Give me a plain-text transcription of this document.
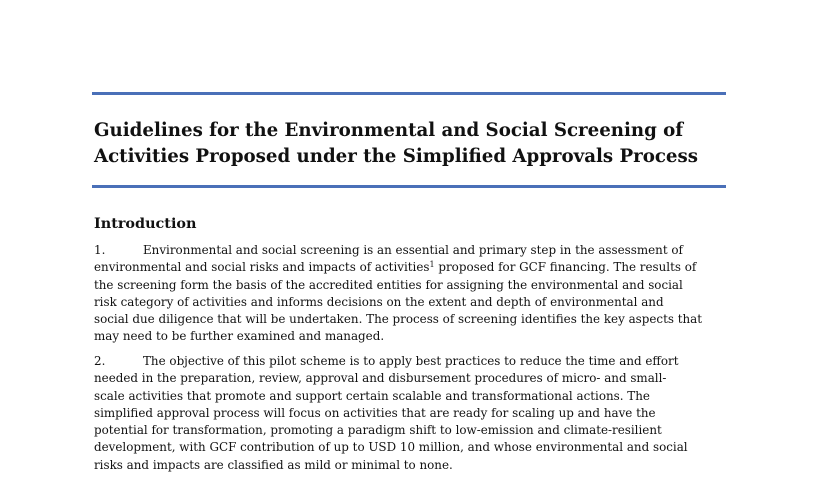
Guidelines for the Environmental and Social Screening of
Activities Proposed under the Simplified Approvals Process
Introduction
1.	Environmental and social screening is an essential and primary step in the assessment of
environmental and social risks and impacts of activities$^1$ proposed for GCF financing. The results of
the screening form the basis of the accredited entities for assigning the environmental and social
risk category of activities and informs decisions on the extent and depth of environmental and
social due diligence that will be undertaken. The process of screening identifies the key aspects that
may need to be further examined and managed.
2.	The objective of this pilot scheme is to apply best practices to reduce the time and effort
needed in the preparation, review, approval and disbursement procedures of micro- and small-
scale activities that promote and support certain scalable and transformational actions. The
simplified approval process will focus on activities that are ready for scaling up and have the
potential for transformation, promoting a paradigm shift to low-emission and climate-resilient
development, with GCF contribution of up to USD 10 million, and whose environmental and social
risks and impacts are classified as mild or minimal to none.
